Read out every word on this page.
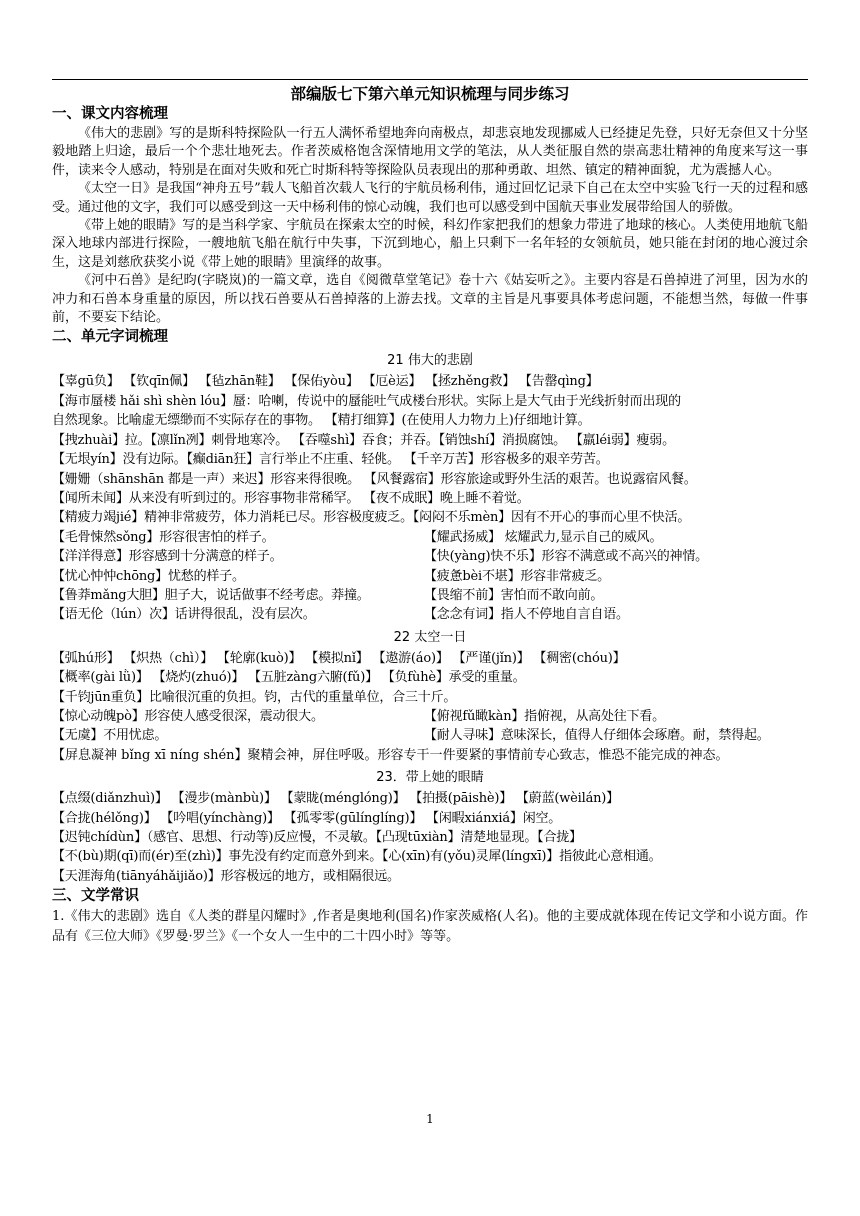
部编版七下第六单元知识梳理与同步练习
一、课文内容梳理

《伟大的悲剧》写的是斯科特探险队一行五人满怀希望地奔向南极点，却悲哀地发现挪威人已经捷足先登，只好无奈但又十分坚毅地踏上归途，最后一个个悲壮地死去。作者茨威格饱含深情地用文学的笔法，从人类征服自然的崇高悲壮精神的角度来写这一事件，读来令人感动，特别是在面对失败和死亡时斯科特等探险队员表现出的那种勇敢、坦然、镇定的精神面貌，尤为震撼人心。

《太空一日》是我国“神舟五号”载人飞船首次载人飞行的宇航员杨利伟，通过回忆记录下自己在太空中实验飞行一天的过程和感受。通过他的文字，我们可以感受到这一天中杨利伟的惊心动魄，我们也可以感受到中国航天事业发展带给国人的骄傲。

《带上她的眼睛》写的是当科学家、宇航员在探索太空的时候，科幻作家把我们的想象力带进了地球的核心。人类使用地航飞船深入地球内部进行探险，一艘地航飞船在航行中失事，下沉到地心，船上只剩下一名年轻的女领航员，她只能在封闭的地心渡过余生，这是刘慈欣获奖小说《带上她的眼睛》里演绎的故事。

《河中石兽》是纪昀(字晓岚)的一篇文章，选自《阅微草堂笔记》卷十六《姑妄听之》。主要内容是石兽掉进了河里，因为水的冲力和石兽本身重量的原因，所以找石兽要从石兽掉落的上游去找。文章的主旨是凡事要具体考虑问题，不能想当然，每做一件事前，不要妄下结论。

二、单元字词梳理
21 伟大的悲剧
【辜gū负】 【钦qīn佩】 【毡zhān鞋】 【保佑yòu】 【厄è运】 【拯zhěng救】 【告罄qìng】
【海市蜃楼 hǎi shì shèn lóu】蜃：哈喇，传说中的蜃能吐气成楼台形状。实际上是大气由于光线折射而出现的
自然现象。比喻虚无缥缈而不实际存在的事物。 【精打细算】(在使用人力物力上)仔细地计算。
【拽zhuài】拉。【凛lǐn冽】刺骨地寒冷。 【吞噬shì】吞食；并吞。【销蚀shí】消损腐蚀。 【羸léi弱】瘦弱。
【无垠yín】没有边际。【癫diān狂】言行举止不庄重、轻佻。 【千辛万苦】形容极多的艰辛劳苦。
【姗姗（shānshān 都是一声）来迟】形容来得很晚。 【风餐露宿】形容旅途或野外生活的艰苦。也说露宿风餐。
【闻所未闻】从来没有听到过的。形容事物非常稀罕。 【夜不成眠】晚上睡不着觉。
【精疲力竭jié】精神非常疲劳，体力消耗已尽。形容极度疲乏。【闷闷不乐mèn】因有不开心的事而心里不快活。
【毛骨悚然sǒng】形容很害怕的样子。	【耀武扬威】 炫耀武力,显示自己的威风。
【洋洋得意】形容感到十分满意的样子。	【快(yàng)快不乐】形容不满意或不高兴的神情。
【忧心忡忡chōng】忧愁的样子。	【疲惫bèi不堪】形容非常疲乏。
【鲁莽mǎng大胆】胆子大，说话做事不经考虑。莽撞。	【畏缩不前】害怕而不敢向前。
【语无伦（lún）次】话讲得很乱，没有层次。	【念念有词】指人不停地自言自语。
22 太空一日
【弧hú形】 【炽热（chì）】 【轮廓(kuò)】 【模拟nǐ】 【遨游(áo)】 【严谨(jǐn)】 【稠密(chóu)】
【概率(gài lǜ)】 【烧灼(zhuó)】 【五脏zàng六腑(fǔ)】 【负fùhè】承受的重量。
【千钧jūn重负】比喻很沉重的负担。钧，古代的重量单位，合三十斤。
【惊心动魄pò】形容使人感受很深，震动很大。	【俯视fǔ瞰kàn】指俯视，从高处往下看。
【无虞】不用忧虑。	【耐人寻味】意味深长，值得人仔细体会琢磨。耐，禁得起。
【屏息凝神 bǐng xī níng shén】聚精会神，屏住呼吸。形容专干一件要紧的事情前专心致志，惟恐不能完成的神态。
23．带上她的眼睛
【点缀(diǎnzhuì)】 【漫步(mànbù)】 【蒙眬(ménglóng)】 【拍摄(pāishè)】 【蔚蓝(wèilán)】
【合拢(hélǒng)】 【吟唱(yínchàng)】 【孤零零(gūlínglíng)】 【闲暇xiánxiá】闲空。
【迟钝chídùn】（感官、思想、行动等)反应慢，不灵敏。【凸现tūxiàn】清楚地显现。【合拢】
【不(bù)期(qī)而(ér)至(zhì)】事先没有约定而意外到来。【心(xīn)有(yǒu)灵犀(língxī)】指彼此心意相通。
【天涯海角(tiānyáhǎijiǎo)】形容极远的地方，或相隔很远。
三、文学常识

1.《伟大的悲剧》选自《人类的群星闪耀时》,作者是奥地利(国名)作家茨威格(人名)。他的主要成就体现在传记文学和小说方面。作品有《三位大师》《罗曼·罗兰》《一个女人一生中的二十四小时》等等。

1
